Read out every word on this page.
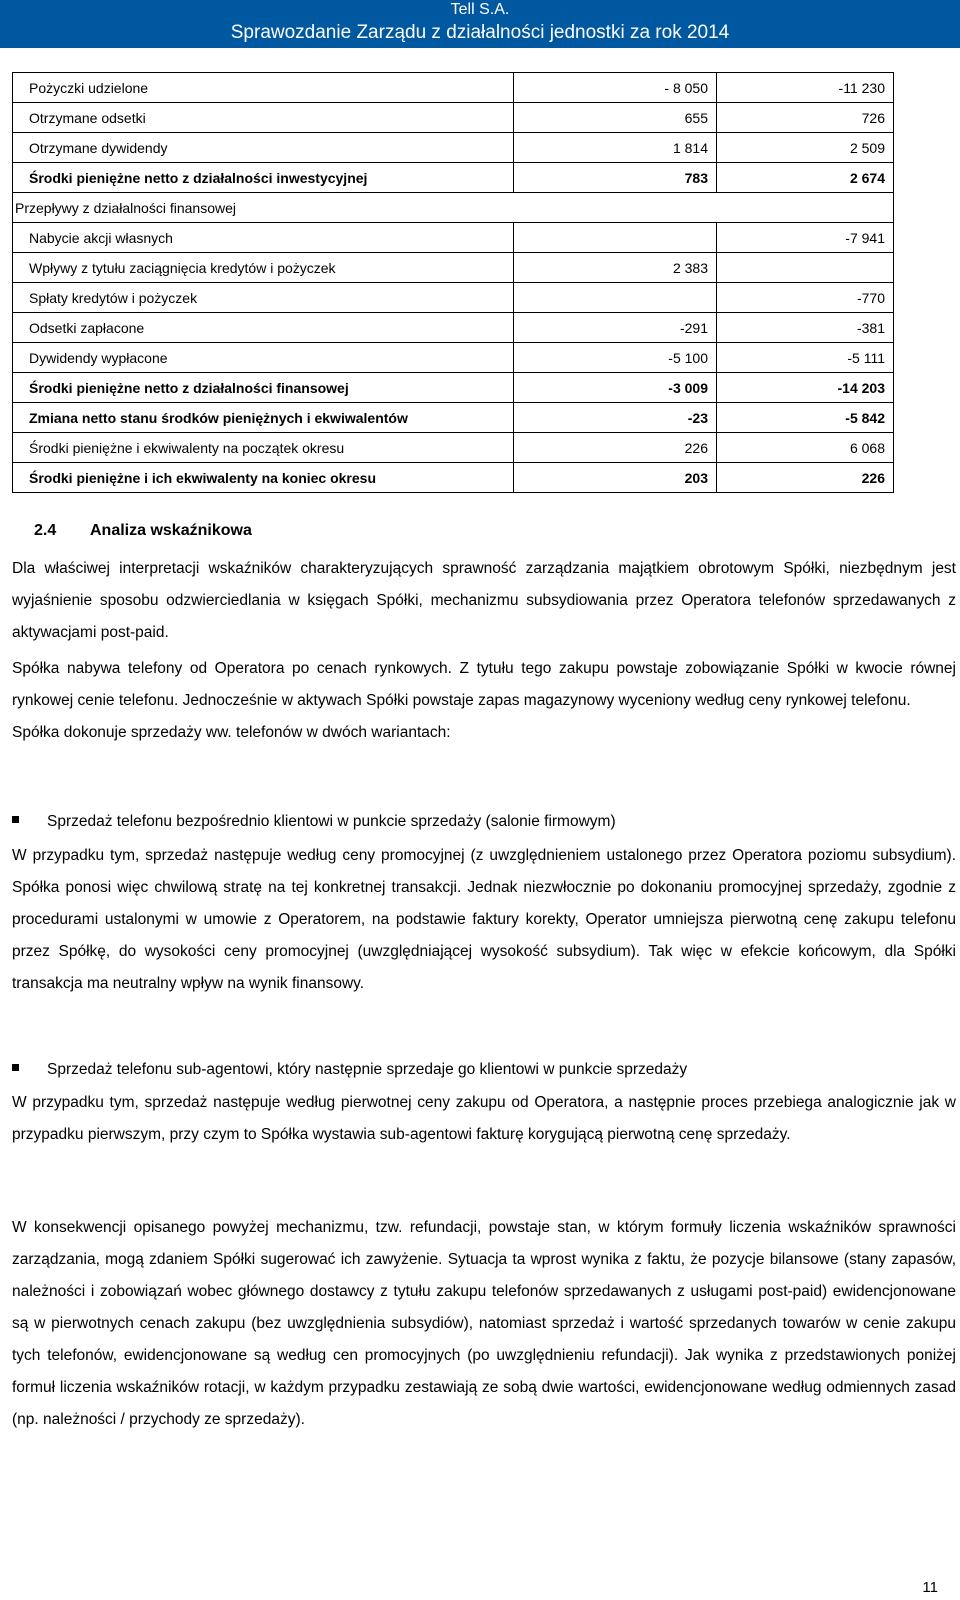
Tell S.A.
Sprawozdanie Zarządu z działalności jednostki za rok 2014
Pożyczki udzielone	- 8 050	-11 230
Otrzymane odsetki	655	726
Otrzymane dywidendy	1 814	2 509
Środki pieniężne netto z działalności inwestycyjnej	783	2 674
Przepływy z działalności finansowej		
Nabycie akcji własnych		-7 941
Wpływy z tytułu zaciągnięcia kredytów i pożyczek	2 383	
Spłaty kredytów i pożyczek		-770
Odsetki zapłacone	-291	-381
Dywidendy wypłacone	-5 100	-5 111
Środki pieniężne netto z działalności finansowej	-3 009	-14 203
Zmiana netto stanu środków pieniężnych i ekwiwalentów	-23	-5 842
Środki pieniężne i ekwiwalenty na początek okresu	226	6 068
Środki pieniężne i ich ekwiwalenty na koniec okresu	203	226
2.4 Analiza wskaźnikowa

Dla właściwej interpretacji wskaźników charakteryzujących sprawność zarządzania majątkiem obrotowym Spółki, niezbędnym jest wyjaśnienie sposobu odzwierciedlania w księgach Spółki, mechanizmu subsydiowania przez Operatora telefonów sprzedawanych z aktywacjami post-paid.

Spółka nabywa telefony od Operatora po cenach rynkowych. Z tytułu tego zakupu powstaje zobowiązanie Spółki w kwocie równej rynkowej cenie telefonu. Jednocześnie w aktywach Spółki powstaje zapas magazynowy wyceniony według ceny rynkowej telefonu.

Spółka dokonuje sprzedaży ww. telefonów w dwóch wariantach:

Sprzedaż telefonu bezpośrednio klientowi w punkcie sprzedaży (salonie firmowym)

W przypadku tym, sprzedaż następuje według ceny promocyjnej (z uwzględnieniem ustalonego przez Operatora poziomu subsydium). Spółka ponosi więc chwilową stratę na tej konkretnej transakcji. Jednak niezwłocznie po dokonaniu promocyjnej sprzedaży, zgodnie z procedurami ustalonymi w umowie z Operatorem, na podstawie faktury korekty, Operator umniejsza pierwotną cenę zakupu telefonu przez Spółkę, do wysokości ceny promocyjnej (uwzględniającej wysokość subsydium). Tak więc w efekcie końcowym, dla Spółki transakcja ma neutralny wpływ na wynik finansowy.

Sprzedaż telefonu sub-agentowi, który następnie sprzedaje go klientowi w punkcie sprzedaży

W przypadku tym, sprzedaż następuje według pierwotnej ceny zakupu od Operatora, a następnie proces przebiega analogicznie jak w przypadku pierwszym, przy czym to Spółka wystawia sub-agentowi fakturę korygującą pierwotną cenę sprzedaży.

W konsekwencji opisanego powyżej mechanizmu, tzw. refundacji, powstaje stan, w którym formuły liczenia wskaźników sprawności zarządzania, mogą zdaniem Spółki sugerować ich zawyżenie. Sytuacja ta wprost wynika z faktu, że pozycje bilansowe (stany zapasów, należności i zobowiązań wobec głównego dostawcy z tytułu zakupu telefonów sprzedawanych z usługami post-paid) ewidencjonowane są w pierwotnych cenach zakupu (bez uwzględnienia subsydiów), natomiast sprzedaż i wartość sprzedanych towarów w cenie zakupu tych telefonów, ewidencjonowane są według cen promocyjnych (po uwzględnieniu refundacji). Jak wynika z przedstawionych poniżej formuł liczenia wskaźników rotacji, w każdym przypadku zestawiają ze sobą dwie wartości, ewidencjonowane według odmiennych zasad (np. należności / przychody ze sprzedaży).

11
